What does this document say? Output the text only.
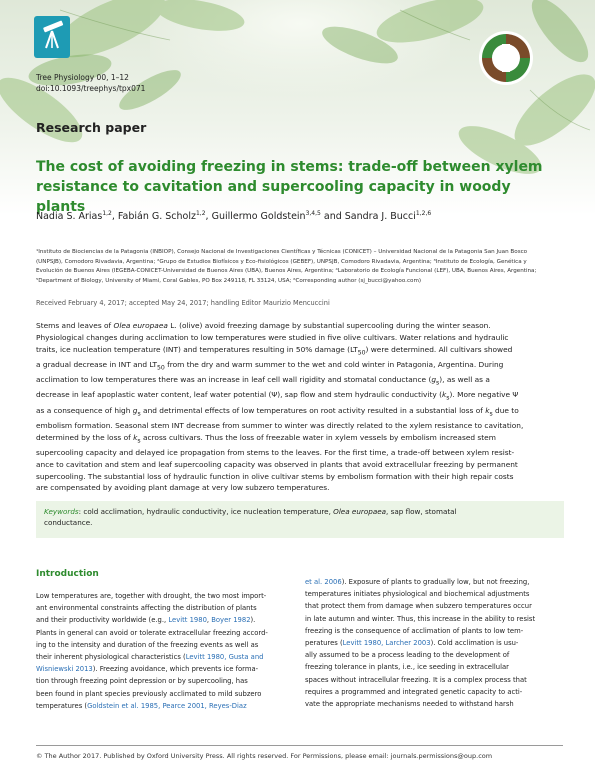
Tree Physiology 00, 1–12
doi:10.1093/treephys/tpx071
Research paper
The cost of avoiding freezing in stems: trade-off between xylem
resistance to cavitation and supercooling capacity in woody plants
Nadia S. Arias$^{1,2}$, Fabián G. Scholz$^{1,2}$, Guillermo Goldstein$^{3,4,5}$ and Sandra J. Bucci$^{1,2,6}$

¹Instituto de Biociencias de la Patagonia (INBIOP), Consejo Nacional de Investigaciones Científicas y Técnicas (CONICET) – Universidad Nacional de la Patagonia San Juan Bosco

(UNPSJB), Comodoro Rivadavia, Argentina; ²Grupo de Estudios Biofísicos y Eco-fisiológicos (GEBEF), UNPSJB, Comodoro Rivadavia, Argentina; ³Instituto de Ecología, Genética y

Evolución de Buenos Aires (IEGEBA-CONICET-Universidad de Buenos Aires (UBA), Buenos Aires, Argentina; ⁴Laboratorio de Ecología Funcional (LEF), UBA, Buenos Aires, Argentina;

⁵Department of Biology, University of Miami, Coral Gables, PO Box 249118, FL 33124, USA; ⁶Corresponding author (sj_bucci@yahoo.com)

Received February 4, 2017; accepted May 24, 2017; handling Editor Maurizio Mencuccini

Stems and leaves of Olea europaea L. (olive) avoid freezing damage by substantial supercooling during the winter season.

Physiological changes during acclimation to low temperatures were studied in five olive cultivars. Water relations and hydraulic

traits, ice nucleation temperature (INT) and temperatures resulting in 50% damage $(LT_{50})$ were determined. All cultivars showed

a gradual decrease in INT and $LT_{50}$ from the dry and warm summer to the wet and cold winter in Patagonia, Argentina. During

acclimation to low temperatures there was an increase in leaf cell wall rigidity and stomatal conductance $(g_s)$, as well as a

decrease in leaf apoplastic water content, leaf water potential (Ψ), sap flow and stem hydraulic conductivity $(k_s)$. More negative Ψ

as a consequence of high $g_s$ and detrimental effects of low temperatures on root activity resulted in a substantial loss of $k_s$ due to

embolism formation. Seasonal stem INT decrease from summer to winter was directly related to the xylem resistance to cavitation,

determined by the loss of $k_s$ across cultivars. Thus the loss of freezable water in xylem vessels by embolism increased stem

supercooling capacity and delayed ice propagation from stems to the leaves. For the first time, a trade-off between xylem resist-

ance to cavitation and stem and leaf supercooling capacity was observed in plants that avoid extracellular freezing by permanent

supercooling. The substantial loss of hydraulic function in olive cultivar stems by embolism formation with their high repair costs

are compensated by avoiding plant damage at very low subzero temperatures.

Keywords: cold acclimation, hydraulic conductivity, ice nucleation temperature, Olea europaea, sap flow, stomatal
conductance.
Introduction

Low temperatures are, together with drought, the two most import-

ant environmental constraints affecting the distribution of plants

and their productivity worldwide (e.g., Levitt 1980, Boyer 1982).

Plants in general can avoid or tolerate extracellular freezing accord-

ing to the intensity and duration of the freezing events as well as

their inherent physiological characteristics (Levitt 1980, Gusta and

Wisniewski 2013). Freezing avoidance, which prevents ice forma-

tion through freezing point depression or by supercooling, has

been found in plant species previously acclimated to mild subzero

temperatures (Goldstein et al. 1985, Pearce 2001, Reyes-Diaz

et al. 2006). Exposure of plants to gradually low, but not freezing,

temperatures initiates physiological and biochemical adjustments

that protect them from damage when subzero temperatures occur

in late autumn and winter. Thus, this increase in the ability to resist

freezing is the consequence of acclimation of plants to low tem-

peratures (Levitt 1980, Larcher 2003). Cold acclimation is usu-

ally assumed to be a process leading to the development of

freezing tolerance in plants, i.e., ice seeding in extracellular

spaces without intracellular freezing. It is a complex process that

requires a programmed and integrated genetic capacity to acti-

vate the appropriate mechanisms needed to withstand harsh

© The Author 2017. Published by Oxford University Press. All rights reserved. For Permissions, please email: journals.permissions@oup.com
